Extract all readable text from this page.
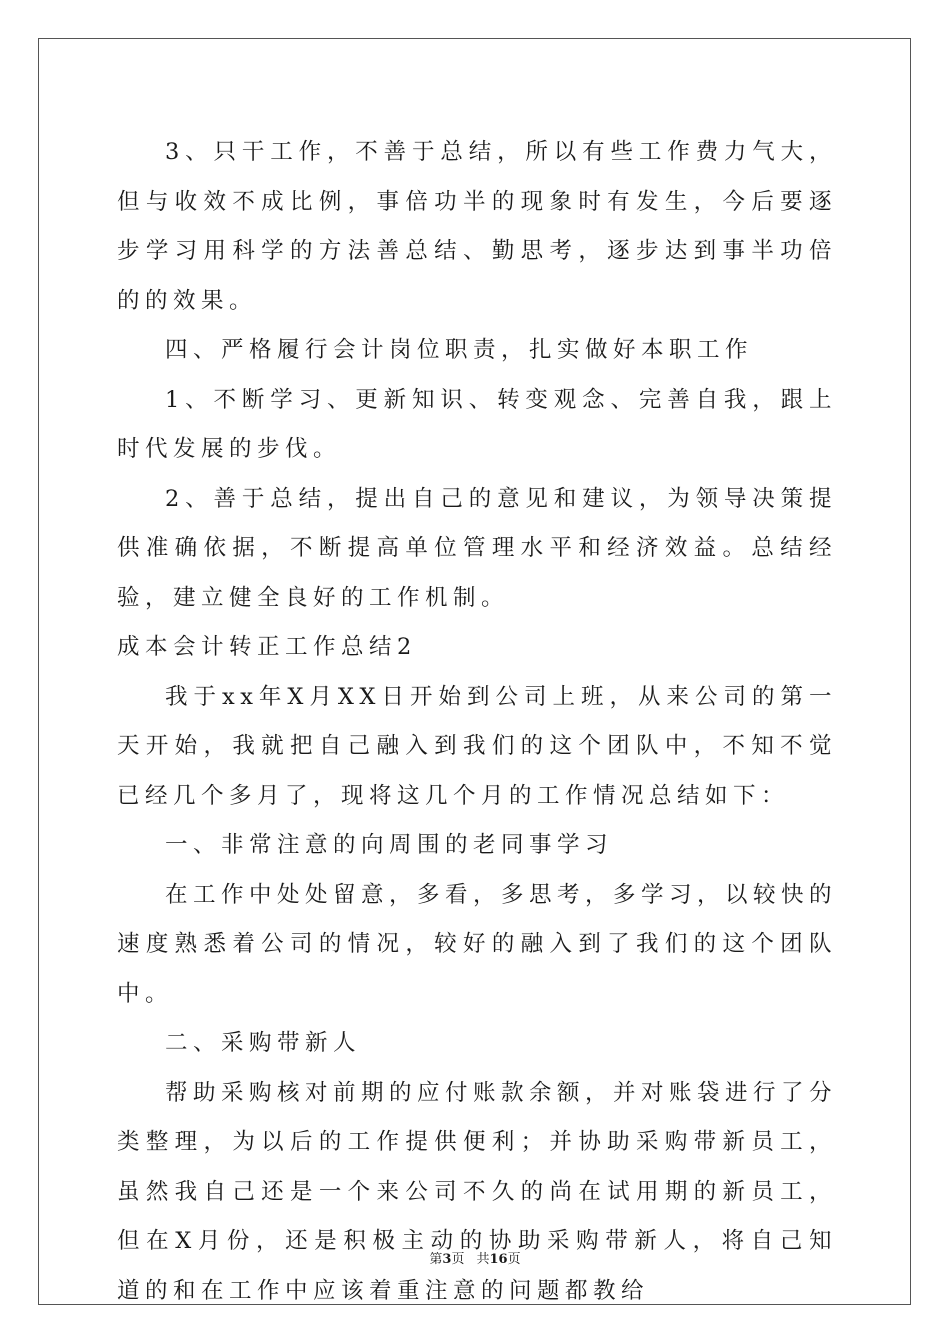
3、只干工作，不善于总结，所以有些工作费力气大，但与收效不成比例，事倍功半的现象时有发生，今后要逐步学习用科学的方法善总结、勤思考，逐步达到事半功倍的的效果。

四、严格履行会计岗位职责，扎实做好本职工作

1、不断学习、更新知识、转变观念、完善自我，跟上时代发展的步伐。

2、善于总结，提出自己的意见和建议，为领导决策提供准确依据，不断提高单位管理水平和经济效益。总结经验，建立健全良好的工作机制。

成本会计转正工作总结2

我于xx年X月XX日开始到公司上班，从来公司的第一天开始，我就把自己融入到我们的这个团队中，不知不觉已经几个多月了，现将这几个月的工作情况总结如下：

一、非常注意的向周围的老同事学习

在工作中处处留意，多看，多思考，多学习，以较快的速度熟悉着公司的情况，较好的融入到了我们的这个团队中。

二、采购带新人

帮助采购核对前期的应付账款余额，并对账袋进行了分类整理，为以后的工作提供便利；并协助采购带新员工，虽然我自己还是一个来公司不久的尚在试用期的新员工，但在X月份，还是积极主动的协助采购带新人，将自己知道的和在工作中应该着重注意的问题都教给

第3页 共16页
